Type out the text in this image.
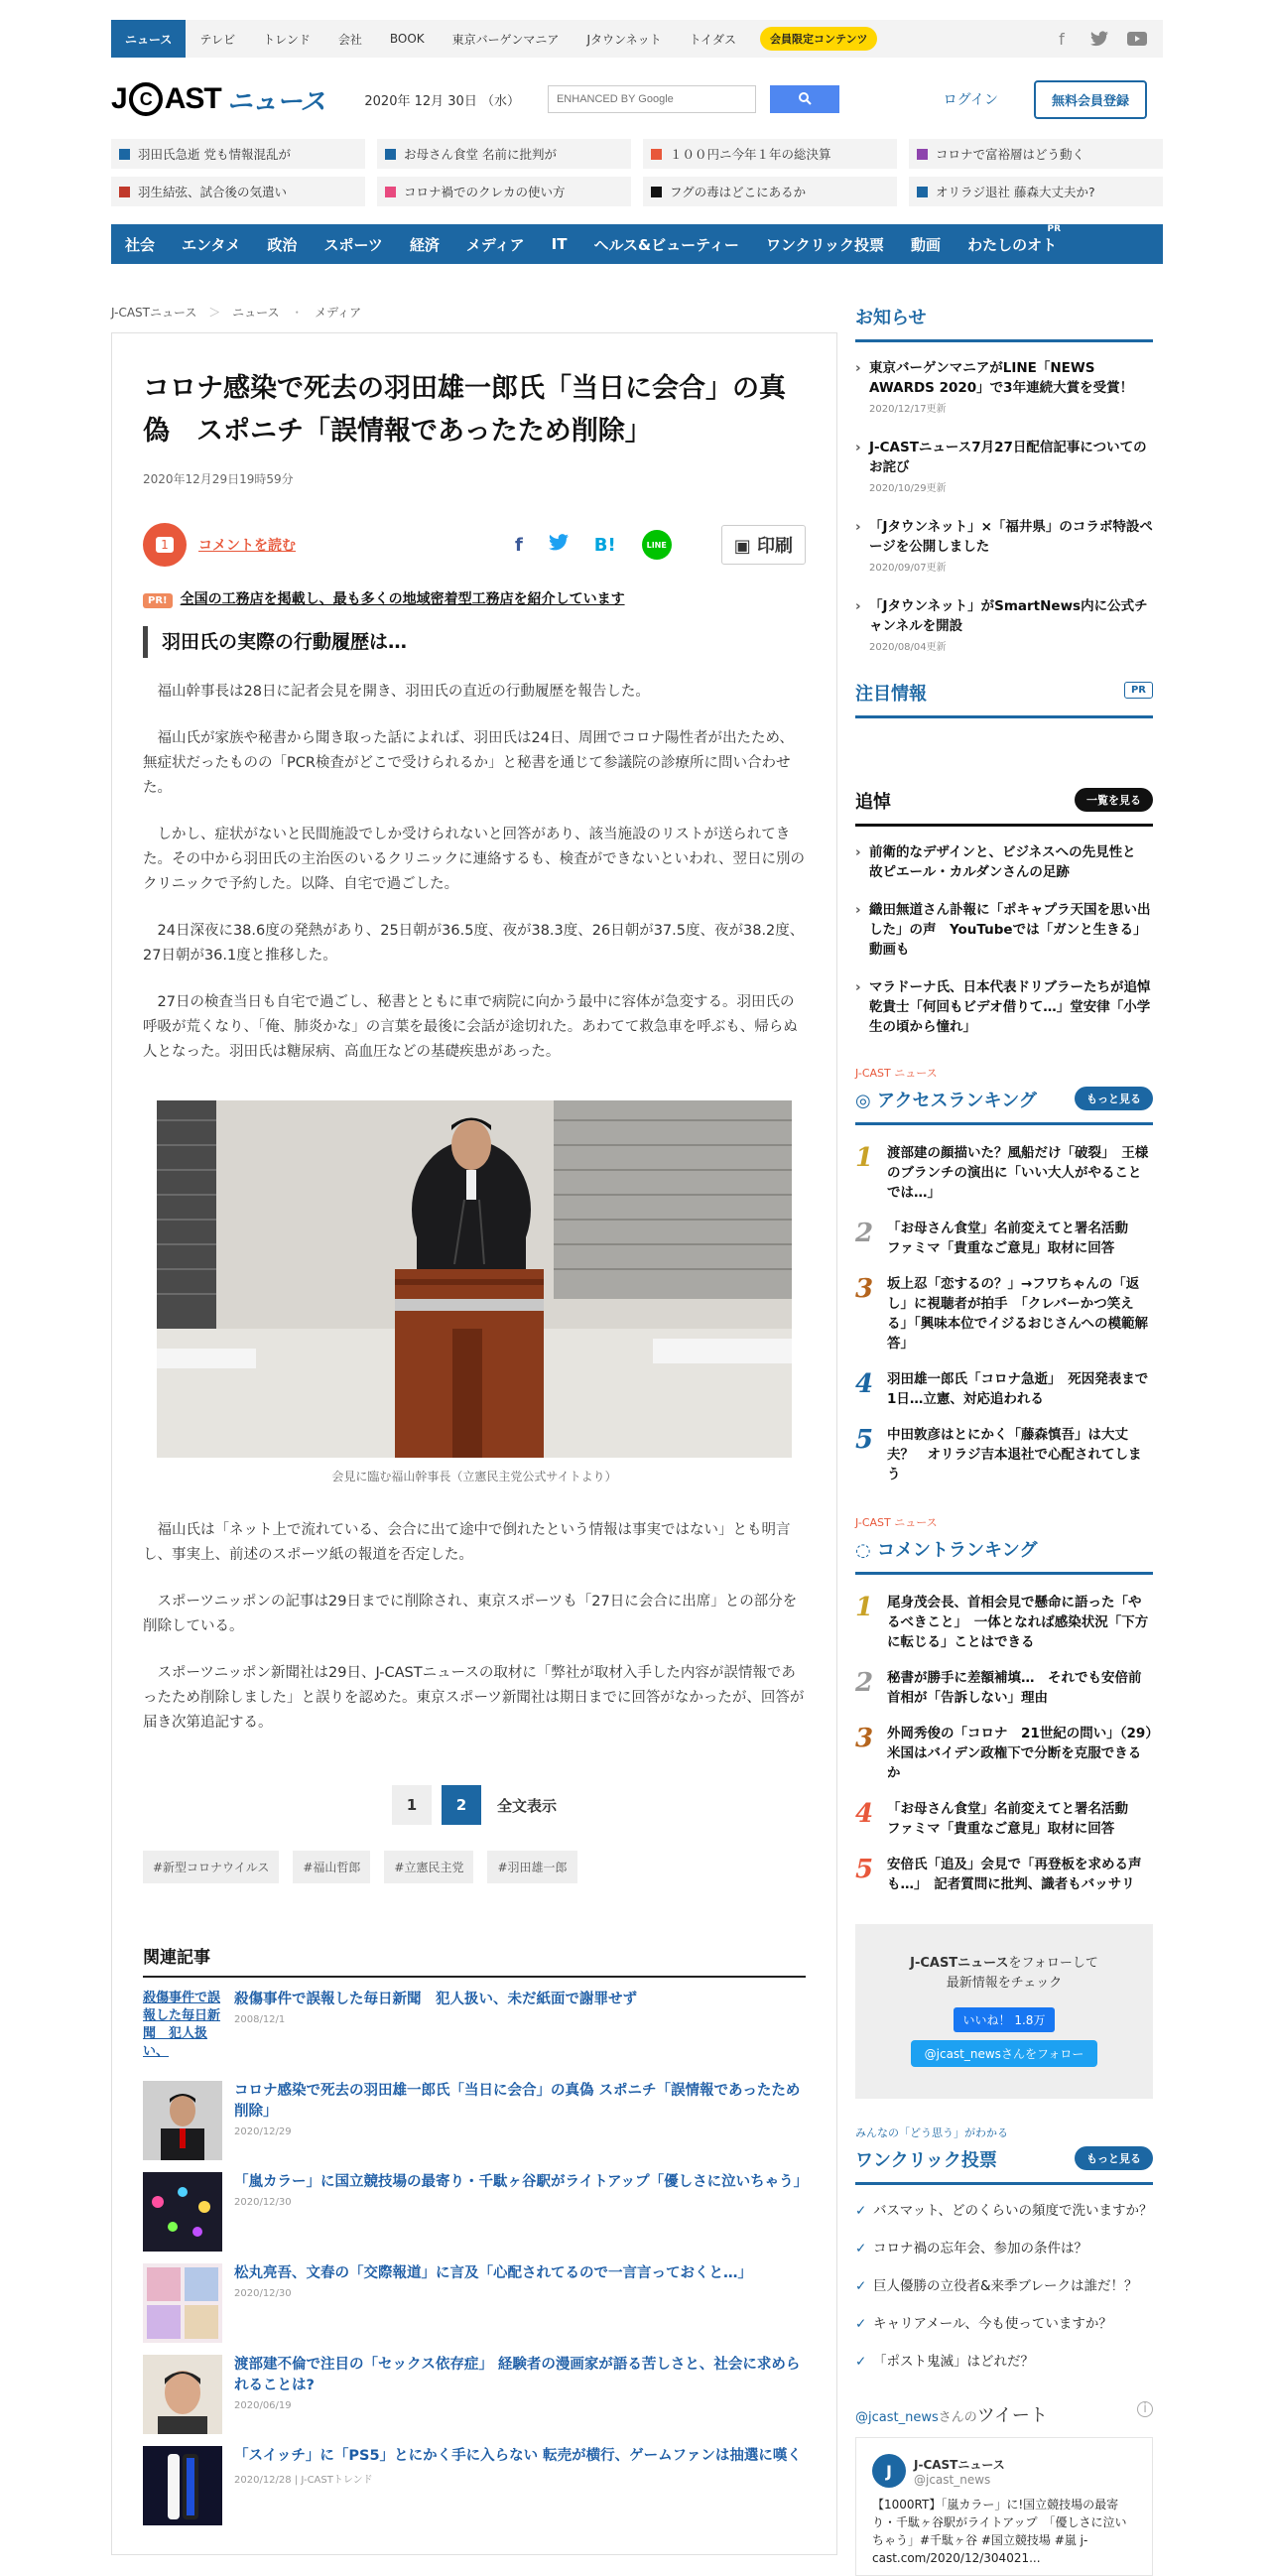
ニュース	テレビ	トレンド	会社	BOOK	東京バーゲンマニア	Jタウンネット	トイダス	会員限定コンテンツ	f
J C AST ニュース	2020年 12月 30日 （水）
ENHANCED BY Google	ログイン	無料会員登録
羽田氏急逝 党も情報混乱が	お母さん食堂 名前に批判が	１００円ニ今年１年の総決算	コロナで富裕層はどう動く
羽生結弦、試合後の気遣い	コロナ禍でのクレカの使い方	フグの毒はどこにあるか	オリラジ退社 藤森大丈夫か?
社会 エンタメ 政治 スポーツ 経済 メディア IT ヘルス&ビューティー ワンクリック投票 動画 わたしのオト
PR
J-CASTニュース ＞ ニュース ・ メディア
コロナ感染で死去の羽田雄一郎氏「当日に会合」の真偽　スポニチ「誤情報であったため削除」
2020年12月29日19時59分
1	コメントを読む	f	B!	LINE	▣ 印刷
PR! 全国の工務店を掲載し、最も多くの地域密着型工務店を紹介しています
羽田氏の実際の行動履歴は…

福山幹事長は28日に記者会見を開き、羽田氏の直近の行動履歴を報告した。

福山氏が家族や秘書から聞き取った話によれば、羽田氏は24日、周囲でコロナ陽性者が出たため、無症状だったものの「PCR検査がどこで受けられるか」と秘書を通じて参議院の診療所に問い合わせた。

しかし、症状がないと民間施設でしか受けられないと回答があり、該当施設のリストが送られてきた。その中から羽田氏の主治医のいるクリニックに連絡するも、検査ができないといわれ、翌日に別のクリニックで予約した。以降、自宅で過ごした。

24日深夜に38.6度の発熱があり、25日朝が36.5度、夜が38.3度、26日朝が37.5度、夜が38.2度、27日朝が36.1度と推移した。

27日の検査当日も自宅で過ごし、秘書とともに車で病院に向かう最中に容体が急変する。羽田氏の呼吸が荒くなり、「俺、肺炎かな」の言葉を最後に会話が途切れた。あわてて救急車を呼ぶも、帰らぬ人となった。羽田氏は糖尿病、高血圧などの基礎疾患があった。

会見に臨む福山幹事長（立憲民主党公式サイトより）

福山氏は「ネット上で流れている、会合に出て途中で倒れたという情報は事実ではない」とも明言し、事実上、前述のスポーツ紙の報道を否定した。

スポーツニッポンの記事は29日までに削除され、東京スポーツも「27日に会合に出席」との部分を削除している。

スポーツニッポン新聞社は29日、J-CASTニュースの取材に「弊社が取材入手した内容が誤情報であったため削除しました」と誤りを認めた。東京スポーツ新聞社は期日までに回答がなかったが、回答が届き次第追記する。

1	2	全文表示
#新型コロナウイルス	#福山哲郎	#立憲民主党	#羽田雄一郎
関連記事
殺傷事件で誤報した毎日新聞　犯人扱い、
殺傷事件で誤報した毎日新聞　犯人扱い、未だ紙面で謝罪せず
2008/12/1
コロナ感染で死去の羽田雄一郎氏「当日に会合」の真偽 スポニチ「誤情報であったため削除」
2020/12/29
「嵐カラー」に国立競技場の最寄り・千駄ヶ谷駅がライトアップ「優しさに泣いちゃう」
2020/12/30
松丸亮吾、文春の「交際報道」に言及「心配されてるので一言言っておくと…」
2020/12/30
渡部建不倫で注目の「セックス依存症」 経験者の漫画家が語る苦しさと、社会に求められることは?
2020/06/19
「スイッチ」に「PS5」とにかく手に入らない 転売が横行、ゲームファンは抽選に嘆く
2020/12/28 | J-CASTトレンド
お知らせ
› 東京バーゲンマニアがLINE「NEWS AWARDS 2020」で3年連続大賞を受賞！
2020/12/17更新
› J-CASTニュース7月27日配信記事についてのお詫び
2020/10/29更新
› 「Jタウンネット」×「福井県」のコラボ特設ページを公開しました
2020/09/07更新
› 「Jタウンネット」がSmartNews内に公式チャンネルを開設
2020/08/04更新
注目情報	PR
追悼	一覧を見る
› 前衛的なデザインと、ビジネスへの先見性と　故ピエール・カルダンさんの足跡
› 織田無道さん訃報に「ポキャプラ天国を思い出した」の声　YouTubeでは「ガンと生きる」動画も
› マラドーナ氏、日本代表ドリブラーたちが追悼　乾貴士「何回もビデオ借りて…」堂安律「小学生の頃から憧れ」
J-CAST ニュース
◎ アクセスランキング	もっと見る
1	渡部建の顔描いた？風船だけ「破裂」　王様のブランチの演出に「いい大人がやることでは…」
2	「お母さん食堂」名前変えてと署名活動　ファミマ「貴重なご意見」取材に回答
3	坂上忍「恋するの？」→フワちゃんの「返し」に視聴者が拍手　「クレバーかつ笑える」「興味本位でイジるおじさんへの模範解答」
4	羽田雄一郎氏「コロナ急逝」　死因発表まで1日…立憲、対応追われる
5	中田敦彦はとにかく「藤森慎吾」は大丈夫？　オリラジ吉本退社で心配されてしまう
J-CAST ニュース
◌ コメントランキング
1	尾身茂会長、首相会見で懸命に語った「やるべきこと」　一体となれば感染状況「下方に転じる」ことはできる
2	秘書が勝手に差額補填…　それでも安倍前首相が「告訴しない」理由
3	外岡秀俊の「コロナ　21世紀の問い」（29）　米国はバイデン政権下で分断を克服できるか
4	「お母さん食堂」名前変えてと署名活動　ファミマ「貴重なご意見」取材に回答
5	安倍氏「追及」会見で「再登板を求める声も…」　記者質問に批判、識者もバッサリ

J-CASTニュースをフォローして
最新情報をチェック

いいね！ 1.8万
@jcast_newsさんをフォロー
みんなの「どう思う」がわかる
ワンクリック投票	もっと見る
✓ バスマット、どのくらいの頻度で洗いますか？
✓ コロナ禍の忘年会、参加の条件は？
✓ 巨人優勝の立役者&来季ブレークは誰だ！？
✓ キャリアメール、今も使っていますか？
✓ 「ポスト鬼滅」はどれだ？
@jcast_newsさんのツイート	i
J	J-CASTニュース
@jcast_news

【1000RT】「嵐カラー」に!国立競技場の最寄り・千駄ヶ谷駅がライトアップ　「優しさに泣いちゃう」#千駄ヶ谷 #国立競技場 #嵐 j-cast.com/2020/12/304021...
